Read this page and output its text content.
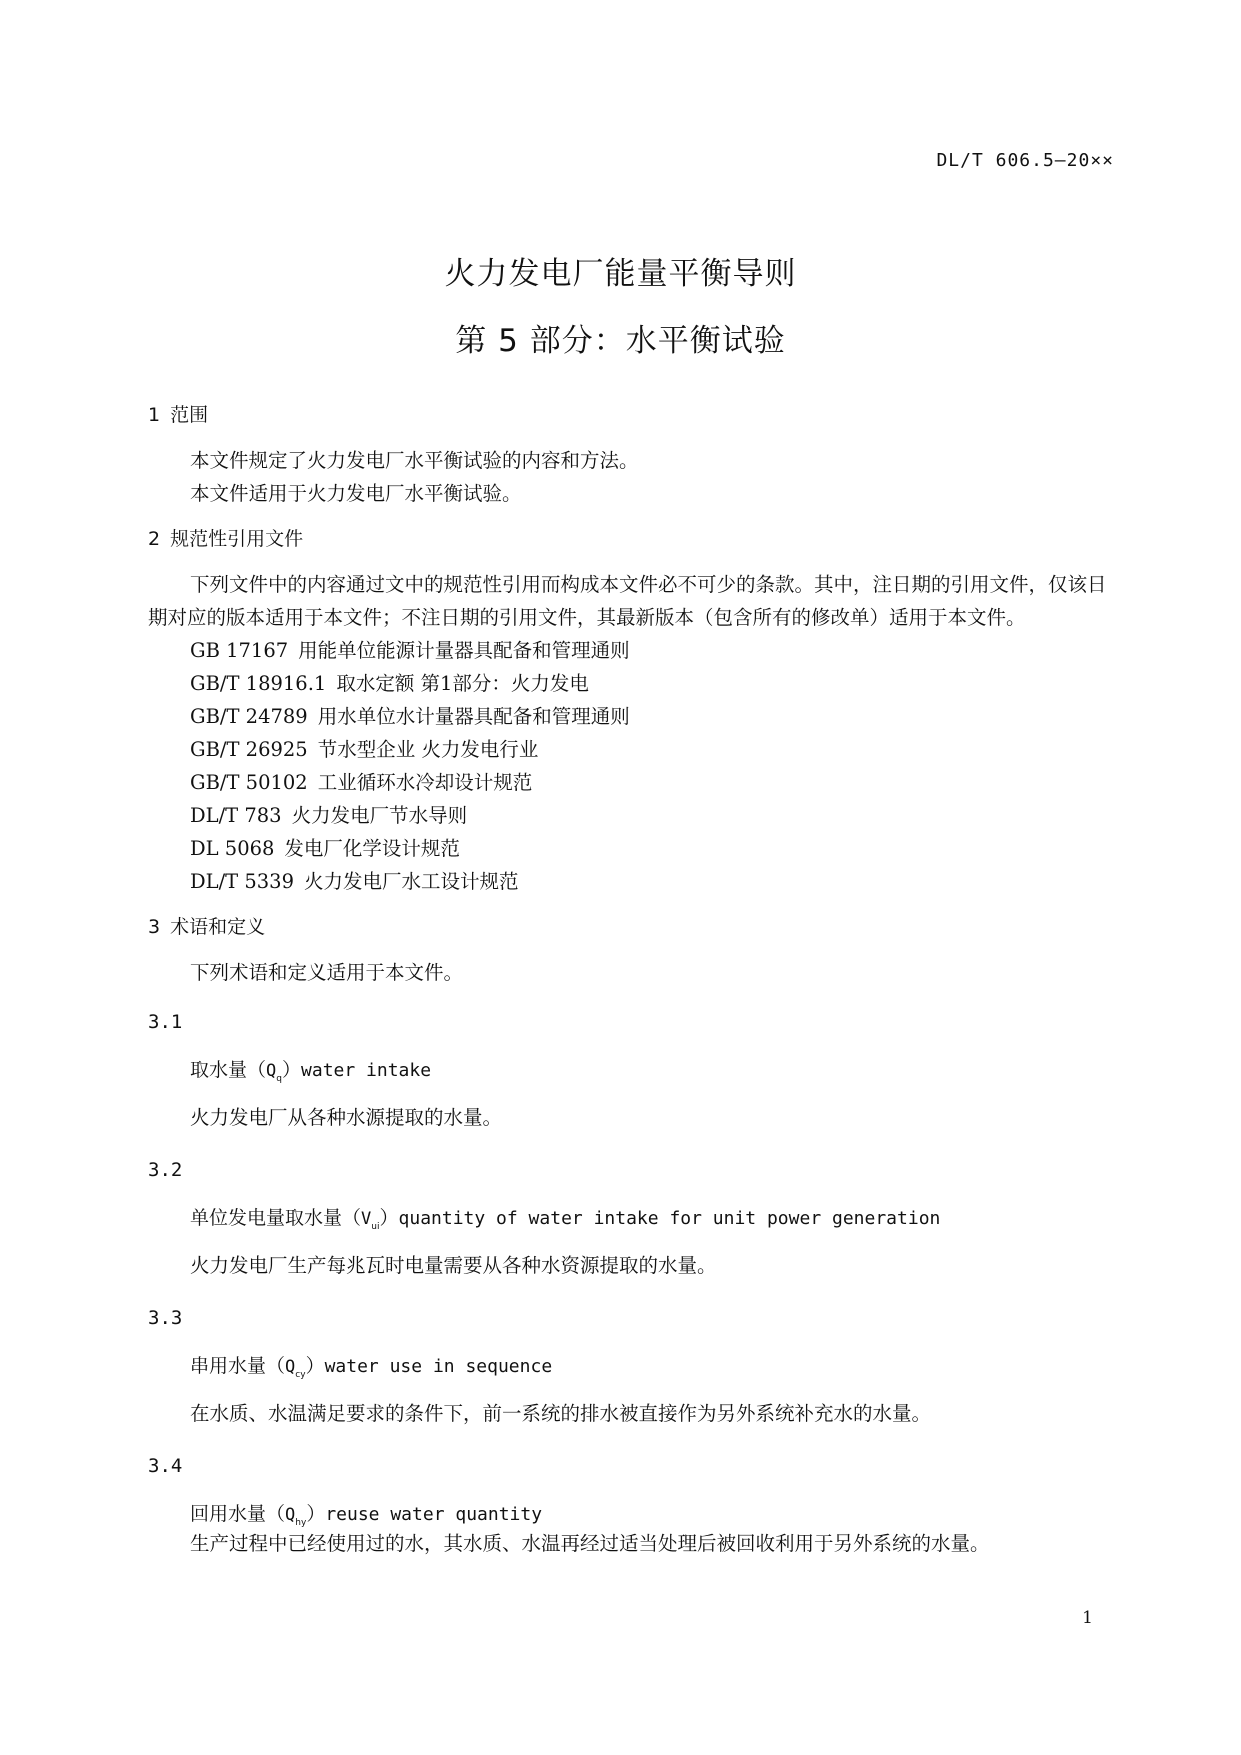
DL/T 606.5—20××
火力发电厂能量平衡导则
第 5 部分：水平衡试验
1 范围
本文件规定了火力发电厂水平衡试验的内容和方法。
本文件适用于火力发电厂水平衡试验。
2 规范性引用文件
下列文件中的内容通过文中的规范性引用而构成本文件必不可少的条款。其中，注日期的引用文件，仅该日期对应的版本适用于本文件；不注日期的引用文件，其最新版本（包含所有的修改单）适用于本文件。
GB 17167 用能单位能源计量器具配备和管理通则
GB/T 18916.1 取水定额 第1部分：火力发电
GB/T 24789 用水单位水计量器具配备和管理通则
GB/T 26925 节水型企业 火力发电行业
GB/T 50102 工业循环水冷却设计规范
DL/T 783 火力发电厂节水导则
DL 5068 发电厂化学设计规范
DL/T 5339 火力发电厂水工设计规范
3 术语和定义
下列术语和定义适用于本文件。
3.1
取水量$(Q_q)water$ intake
火力发电厂从各种水源提取的水量。
3.2
单位发电量取水量$(V_{ui})quantity$ of water intake for unit power generation
火力发电厂生产每兆瓦时电量需要从各种水资源提取的水量。
3.3
串用水量$(Q_{cy})water$ use in sequence
在水质、水温满足要求的条件下，前一系统的排水被直接作为另外系统补充水的水量。
3.4
回用水量$(Q_{hy})reuse$ water quantity
生产过程中已经使用过的水，其水质、水温再经过适当处理后被回收利用于另外系统的水量。
1
